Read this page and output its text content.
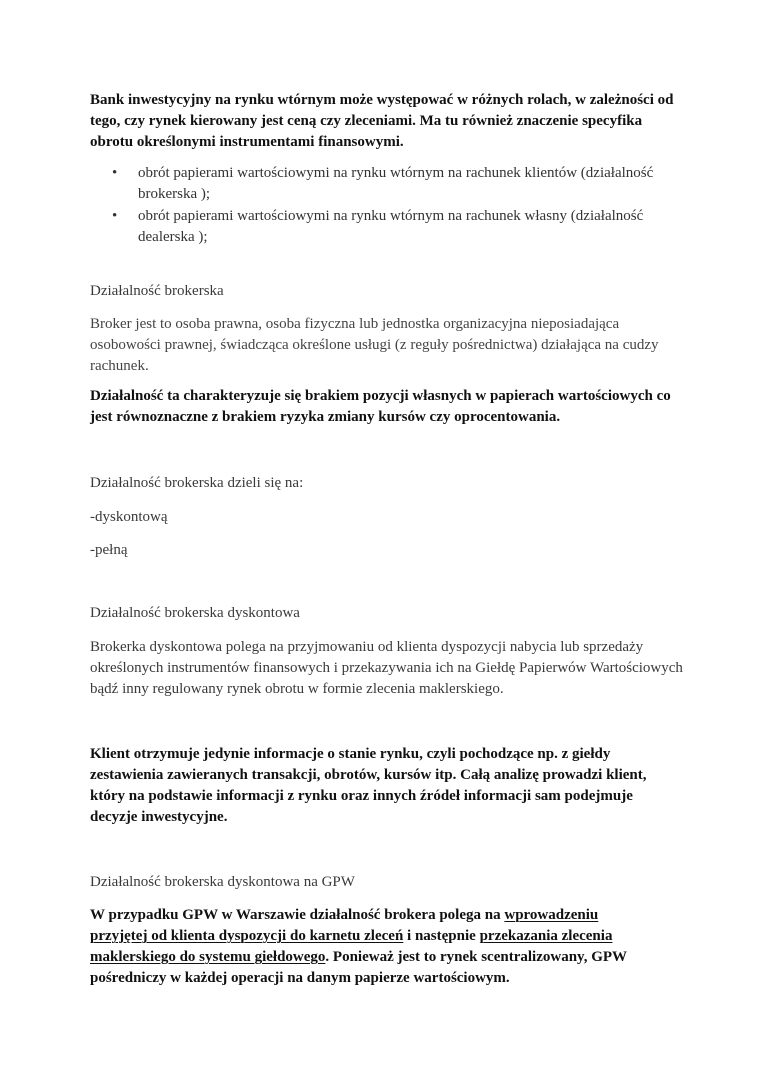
Bank inwestycyjny na rynku wtórnym może występować w różnych rolach, w zależności od tego, czy rynek kierowany jest ceną czy zleceniami. Ma tu również znaczenie specyfika obrotu określonymi instrumentami finansowymi.

• obrót papierami wartościowymi na rynku wtórnym na rachunek klientów (działalność brokerska );
• obrót papierami wartościowymi na rynku wtórnym na rachunek własny (działalność dealerska );

Działalność brokerska

Broker jest to osoba prawna, osoba fizyczna lub jednostka organizacyjna nieposiadająca osobowości prawnej, świadcząca określone usługi (z reguły pośrednictwa) działająca na cudzy rachunek.

Działalność ta charakteryzuje się brakiem pozycji własnych w papierach wartościowych co jest równoznaczne z brakiem ryzyka zmiany kursów czy oprocentowania.

Działalność brokerska dzieli się na:

-dyskontową

-pełną

Działalność brokerska dyskontowa

Brokerka dyskontowa polega na przyjmowaniu od klienta dyspozycji nabycia lub sprzedaży określonych instrumentów finansowych i przekazywania ich na Giełdę Papierwów Wartościowych bądź inny regulowany rynek obrotu w formie zlecenia maklerskiego.

Klient otrzymuje jedynie informacje o stanie rynku, czyli pochodzące np. z giełdy zestawienia zawieranych transakcji, obrotów, kursów itp. Całą analizę prowadzi klient, który na podstawie informacji z rynku oraz innych źródeł informacji sam podejmuje decyzje inwestycyjne.

Działalność brokerska dyskontowa na GPW

W przypadku GPW w Warszawie działalność brokera polega na wprowadzeniu przyjętej od klienta dyspozycji do karnetu zleceń i następnie przekazania zlecenia maklerskiego do systemu giełdowego. Ponieważ jest to rynek scentralizowany, GPW pośredniczy w każdej operacji na danym papierze wartościowym.
